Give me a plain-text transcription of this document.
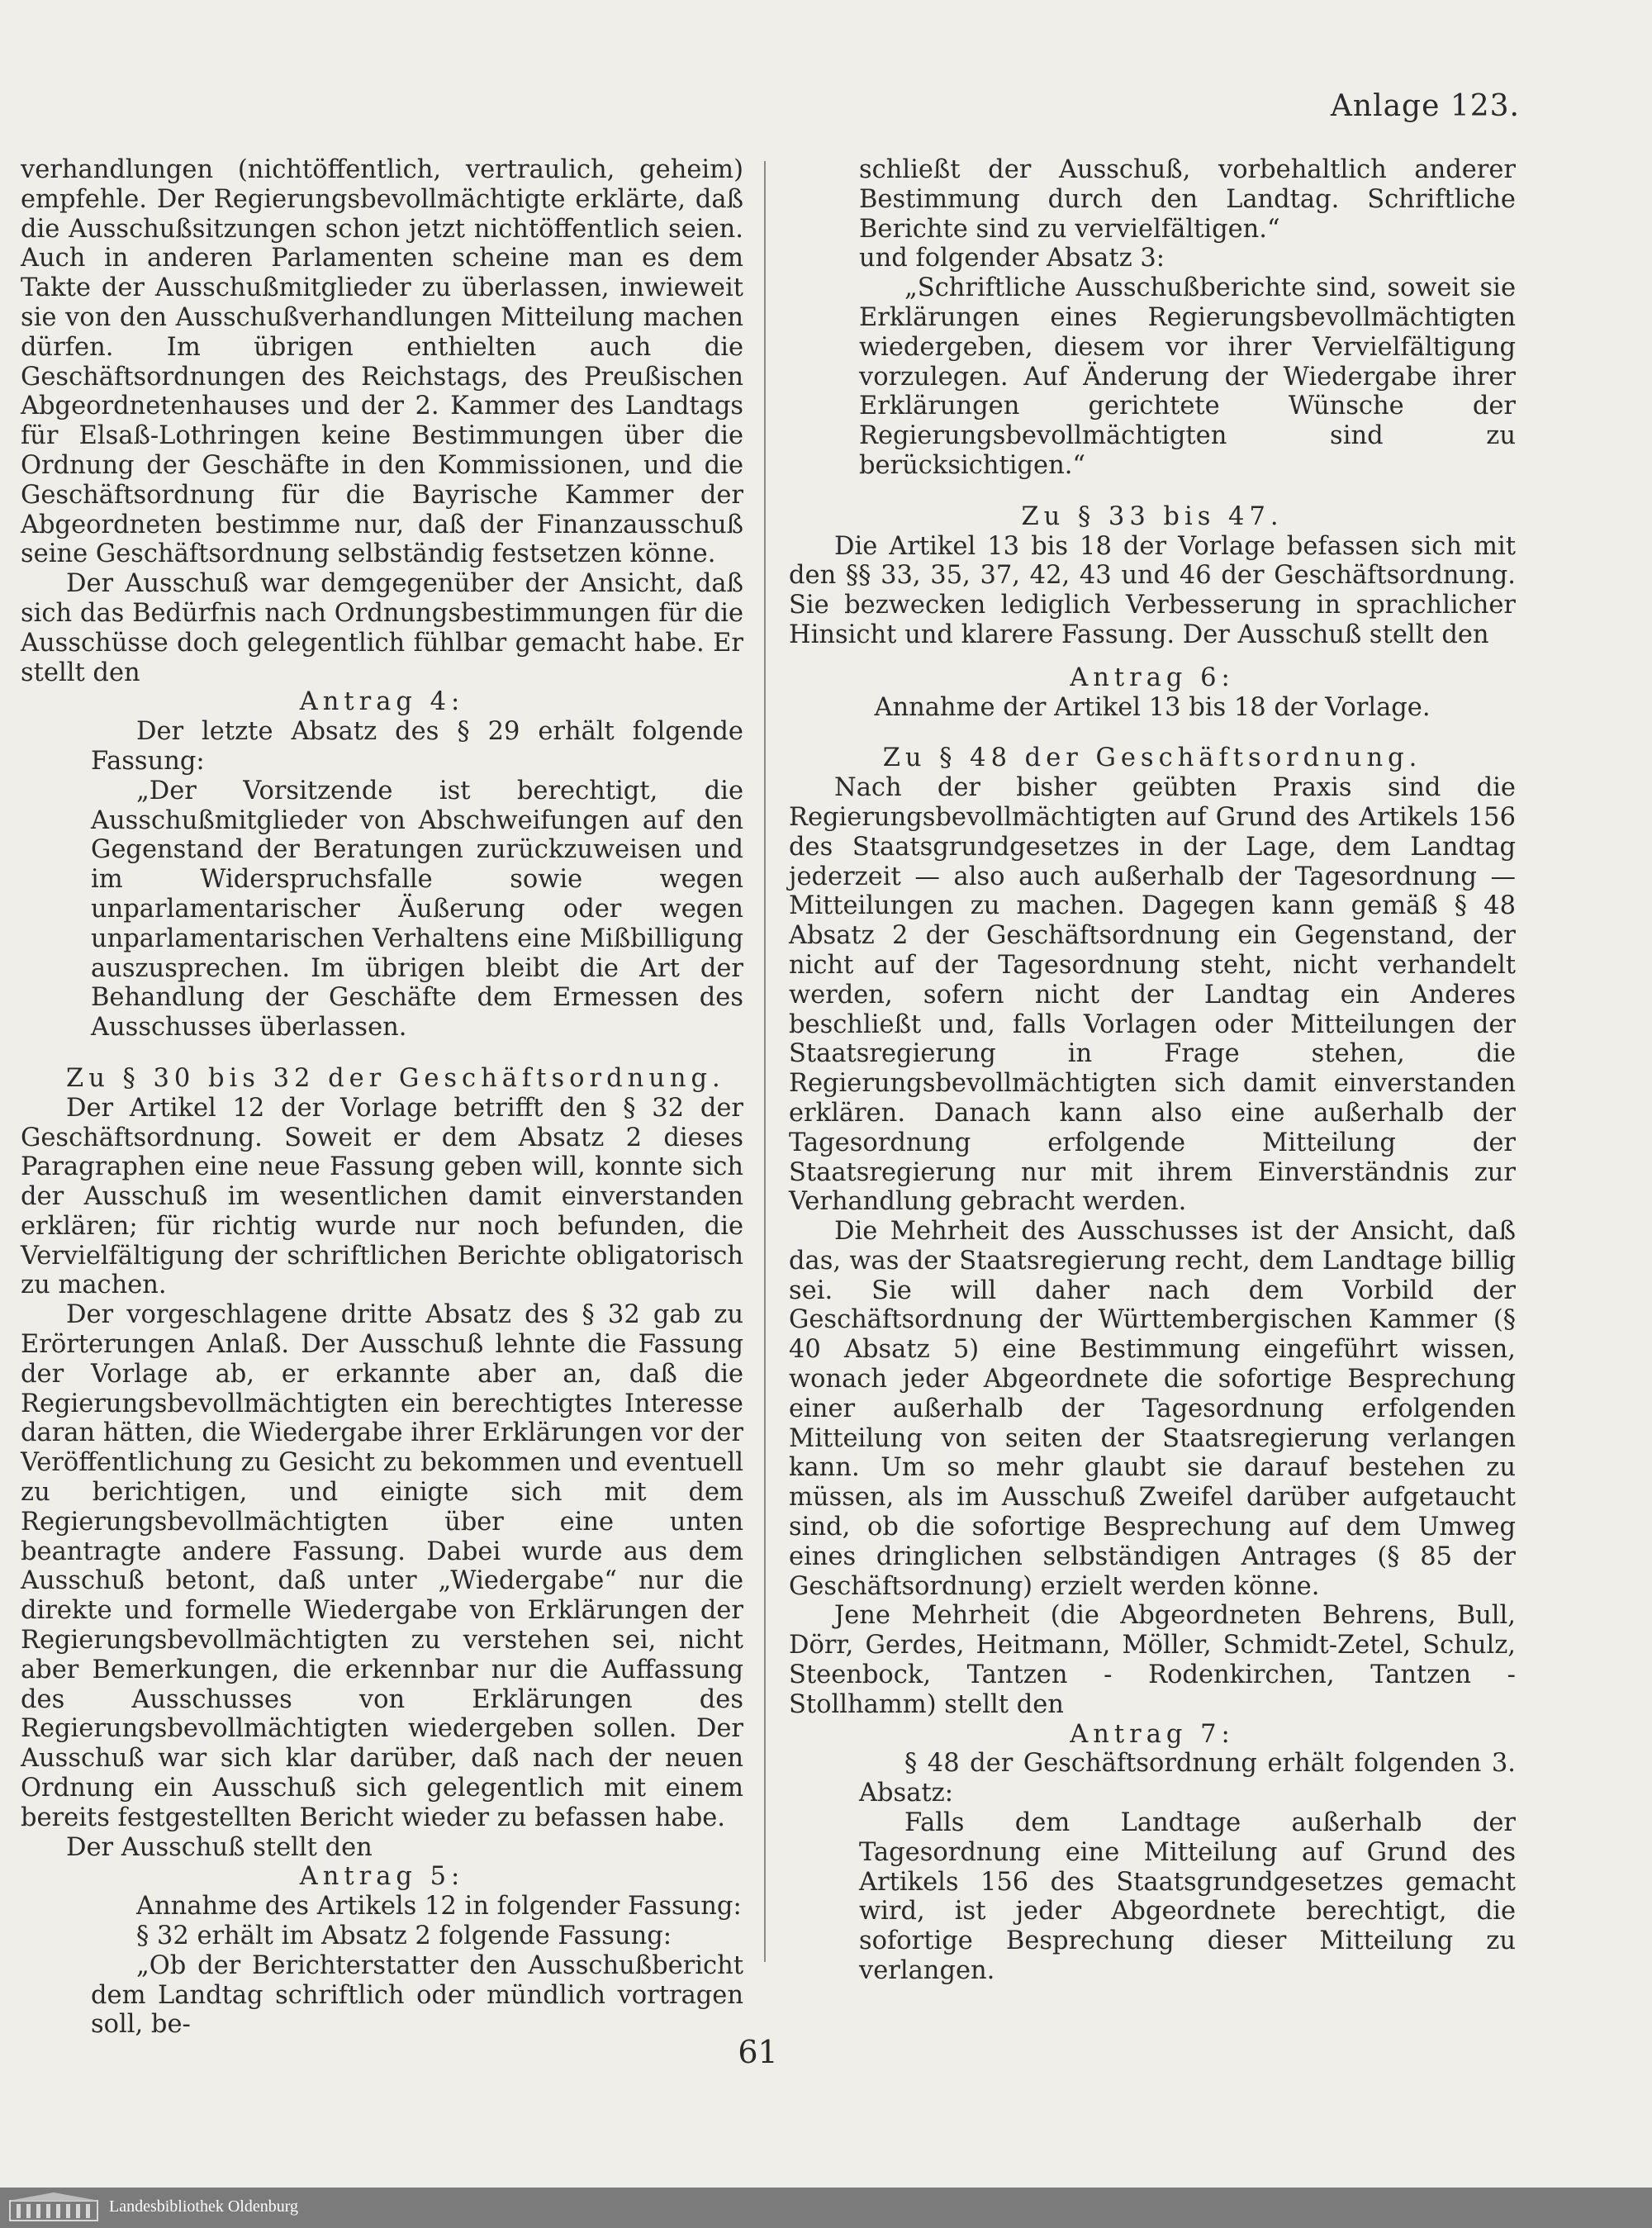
Anlage 123.

verhandlungen (nichtöffentlich, vertraulich, geheim) empfehle. Der Regierungsbevollmächtigte erklärte, daß die Ausschußsitzungen schon jetzt nichtöffentlich seien. Auch in anderen Parlamenten scheine man es dem Takte der Ausschußmitglieder zu überlassen, inwieweit sie von den Ausschußverhandlungen Mitteilung machen dürfen. Im übrigen enthielten auch die Geschäftsordnungen des Reichstags, des Preußischen Abgeordnetenhauses und der 2. Kammer des Landtags für Elsaß-Lothringen keine Bestimmungen über die Ordnung der Geschäfte in den Kommissionen, und die Geschäftsordnung für die Bayrische Kammer der Abgeordneten bestimme nur, daß der Finanzausschuß seine Geschäftsordnung selbständig festsetzen könne.

Der Ausschuß war demgegenüber der Ansicht, daß sich das Bedürfnis nach Ordnungsbestimmungen für die Ausschüsse doch gelegentlich fühlbar gemacht habe. Er stellt den

Antrag 4:

Der letzte Absatz des § 29 erhält folgende Fassung:

„Der Vorsitzende ist berechtigt, die Ausschußmitglieder von Abschweifungen auf den Gegenstand der Beratungen zurückzuweisen und im Widerspruchsfalle sowie wegen unparlamentarischer Äußerung oder wegen unparlamentarischen Verhaltens eine Mißbilligung auszusprechen. Im übrigen bleibt die Art der Behandlung der Geschäfte dem Ermessen des Ausschusses überlassen.

Zu § 30 bis 32 der Geschäftsordnung.

Der Artikel 12 der Vorlage betrifft den § 32 der Geschäftsordnung. Soweit er dem Absatz 2 dieses Paragraphen eine neue Fassung geben will, konnte sich der Ausschuß im wesentlichen damit einverstanden erklären; für richtig wurde nur noch befunden, die Vervielfältigung der schriftlichen Berichte obligatorisch zu machen.

Der vorgeschlagene dritte Absatz des § 32 gab zu Erörterungen Anlaß. Der Ausschuß lehnte die Fassung der Vorlage ab, er erkannte aber an, daß die Regierungsbevollmächtigten ein berechtigtes Interesse daran hätten, die Wiedergabe ihrer Erklärungen vor der Veröffentlichung zu Gesicht zu bekommen und eventuell zu berichtigen, und einigte sich mit dem Regierungsbevollmächtigten über eine unten beantragte andere Fassung. Dabei wurde aus dem Ausschuß betont, daß unter „Wiedergabe“ nur die direkte und formelle Wiedergabe von Erklärungen der Regierungsbevollmächtigten zu verstehen sei, nicht aber Bemerkungen, die erkennbar nur die Auffassung des Ausschusses von Erklärungen des Regierungsbevollmächtigten wiedergeben sollen. Der Ausschuß war sich klar darüber, daß nach der neuen Ordnung ein Ausschuß sich gelegentlich mit einem bereits festgestellten Bericht wieder zu befassen habe.

Der Ausschuß stellt den

Antrag 5:

Annahme des Artikels 12 in folgender Fassung:

§ 32 erhält im Absatz 2 folgende Fassung:

„Ob der Berichterstatter den Ausschußbericht dem Landtag schriftlich oder mündlich vortragen soll, be-

schließt der Ausschuß, vorbehaltlich anderer Bestimmung durch den Landtag. Schriftliche Berichte sind zu vervielfältigen.“

und folgender Absatz 3:

„Schriftliche Ausschußberichte sind, soweit sie Erklärungen eines Regierungsbevollmächtigten wiedergeben, diesem vor ihrer Vervielfältigung vorzulegen. Auf Änderung der Wiedergabe ihrer Erklärungen gerichtete Wünsche der Regierungsbevollmächtigten sind zu berücksichtigen.“

Zu § 33 bis 47.

Die Artikel 13 bis 18 der Vorlage befassen sich mit den §§ 33, 35, 37, 42, 43 und 46 der Geschäftsordnung. Sie bezwecken lediglich Verbesserung in sprachlicher Hinsicht und klarere Fassung. Der Ausschuß stellt den

Antrag 6:

Annahme der Artikel 13 bis 18 der Vorlage.

Zu § 48 der Geschäftsordnung.

Nach der bisher geübten Praxis sind die Regierungsbevollmächtigten auf Grund des Artikels 156 des Staatsgrundgesetzes in der Lage, dem Landtag jederzeit — also auch außerhalb der Tagesordnung — Mitteilungen zu machen. Dagegen kann gemäß § 48 Absatz 2 der Geschäftsordnung ein Gegenstand, der nicht auf der Tagesordnung steht, nicht verhandelt werden, sofern nicht der Landtag ein Anderes beschließt und, falls Vorlagen oder Mitteilungen der Staatsregierung in Frage stehen, die Regierungsbevollmächtigten sich damit einverstanden erklären. Danach kann also eine außerhalb der Tagesordnung erfolgende Mitteilung der Staatsregierung nur mit ihrem Einverständnis zur Verhandlung gebracht werden.

Die Mehrheit des Ausschusses ist der Ansicht, daß das, was der Staatsregierung recht, dem Landtage billig sei. Sie will daher nach dem Vorbild der Geschäftsordnung der Württembergischen Kammer (§ 40 Absatz 5) eine Bestimmung eingeführt wissen, wonach jeder Abgeordnete die sofortige Besprechung einer außerhalb der Tagesordnung erfolgenden Mitteilung von seiten der Staatsregierung verlangen kann. Um so mehr glaubt sie darauf bestehen zu müssen, als im Ausschuß Zweifel darüber aufgetaucht sind, ob die sofortige Besprechung auf dem Umweg eines dringlichen selbständigen Antrages (§ 85 der Geschäftsordnung) erzielt werden könne.

Jene Mehrheit (die Abgeordneten Behrens, Bull, Dörr, Gerdes, Heitmann, Möller, Schmidt-Zetel, Schulz, Steenbock, Tantzen - Rodenkirchen, Tantzen - Stollhamm) stellt den

Antrag 7:

§ 48 der Geschäftsordnung erhält folgenden 3. Absatz:

Falls dem Landtage außerhalb der Tagesordnung eine Mitteilung auf Grund des Artikels 156 des Staatsgrundgesetzes gemacht wird, ist jeder Abgeordnete berechtigt, die sofortige Besprechung dieser Mitteilung zu verlangen.

61
Landesbibliothek Oldenburg
